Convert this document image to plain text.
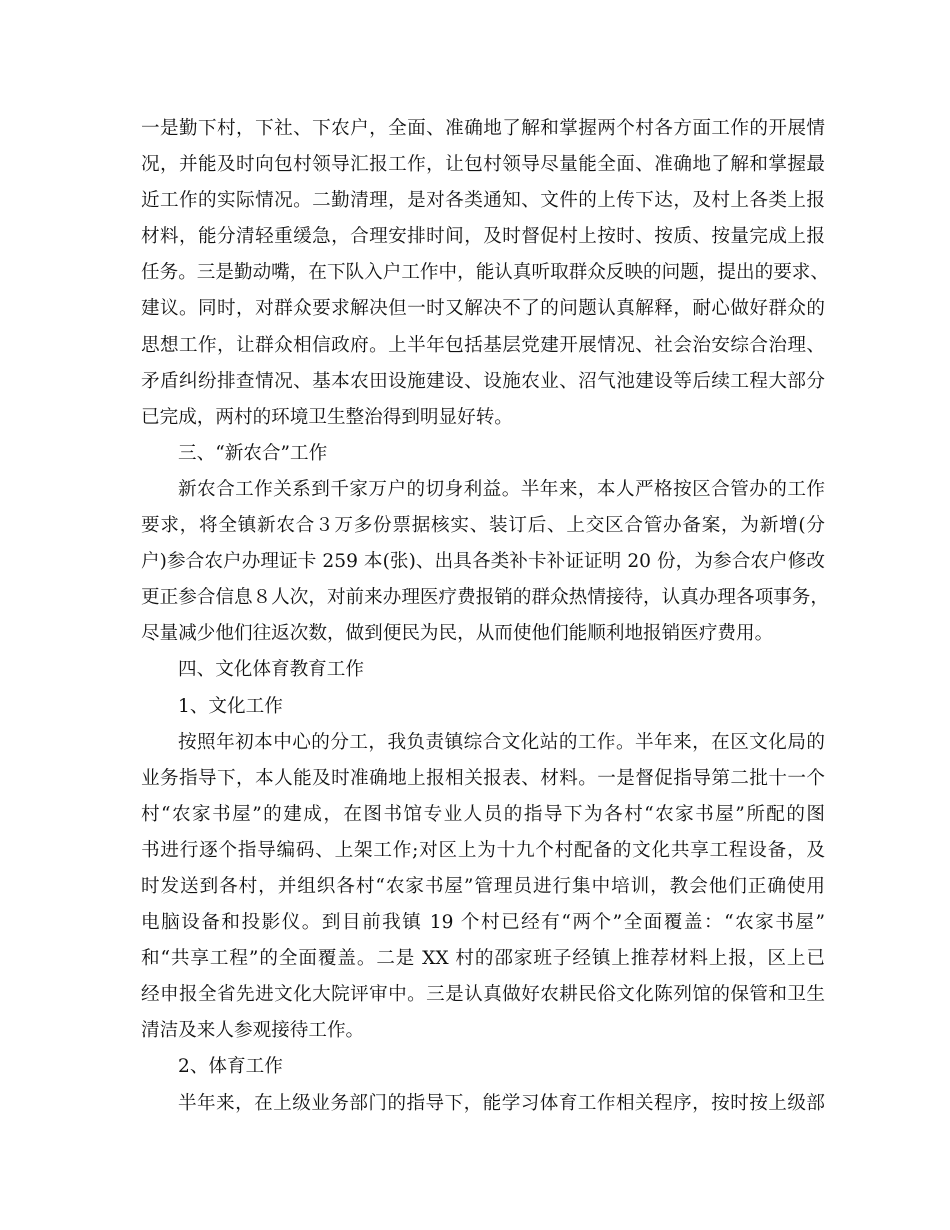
一是勤下村，下社、下农户，全面、准确地了解和掌握两个村各方面工作的开展情
况，并能及时向包村领导汇报工作，让包村领导尽量能全面、准确地了解和掌握最
近工作的实际情况。二勤清理，是对各类通知、文件的上传下达，及村上各类上报
材料，能分清轻重缓急，合理安排时间，及时督促村上按时、按质、按量完成上报
任务。三是勤动嘴，在下队入户工作中，能认真听取群众反映的问题，提出的要求、
建议。同时，对群众要求解决但一时又解决不了的问题认真解释，耐心做好群众的
思想工作，让群众相信政府。上半年包括基层党建开展情况、社会治安综合治理、
矛盾纠纷排查情况、基本农田设施建设、设施农业、沼气池建设等后续工程大部分
已完成，两村的环境卫生整治得到明显好转。
三、“新农合”工作
新农合工作关系到千家万户的切身利益。半年来，本人严格按区合管办的工作
要求，将全镇新农合３万多份票据核实、装订后、上交区合管办备案，为新增(分
户)参合农户办理证卡 259 本(张)、出具各类补卡补证证明 20 份，为参合农户修改
更正参合信息８人次，对前来办理医疗费报销的群众热情接待，认真办理各项事务，
尽量减少他们往返次数，做到便民为民，从而使他们能顺利地报销医疗费用。
四、文化体育教育工作
1、文化工作
按照年初本中心的分工，我负责镇综合文化站的工作。半年来，在区文化局的
业务指导下，本人能及时准确地上报相关报表、材料。一是督促指导第二批十一个
村“农家书屋”的建成，在图书馆专业人员的指导下为各村“农家书屋”所配的图
书进行逐个指导编码、上架工作;对区上为十九个村配备的文化共享工程设备，及
时发送到各村，并组织各村“农家书屋”管理员进行集中培训，教会他们正确使用
电脑设备和投影仪。到目前我镇 19 个村已经有“两个”全面覆盖：“农家书屋”
和“共享工程”的全面覆盖。二是 XX 村的邵家班子经镇上推荐材料上报，区上已
经申报全省先进文化大院评审中。三是认真做好农耕民俗文化陈列馆的保管和卫生
清洁及来人参观接待工作。
2、体育工作
半年来，在上级业务部门的指导下，能学习体育工作相关程序，按时按上级部
